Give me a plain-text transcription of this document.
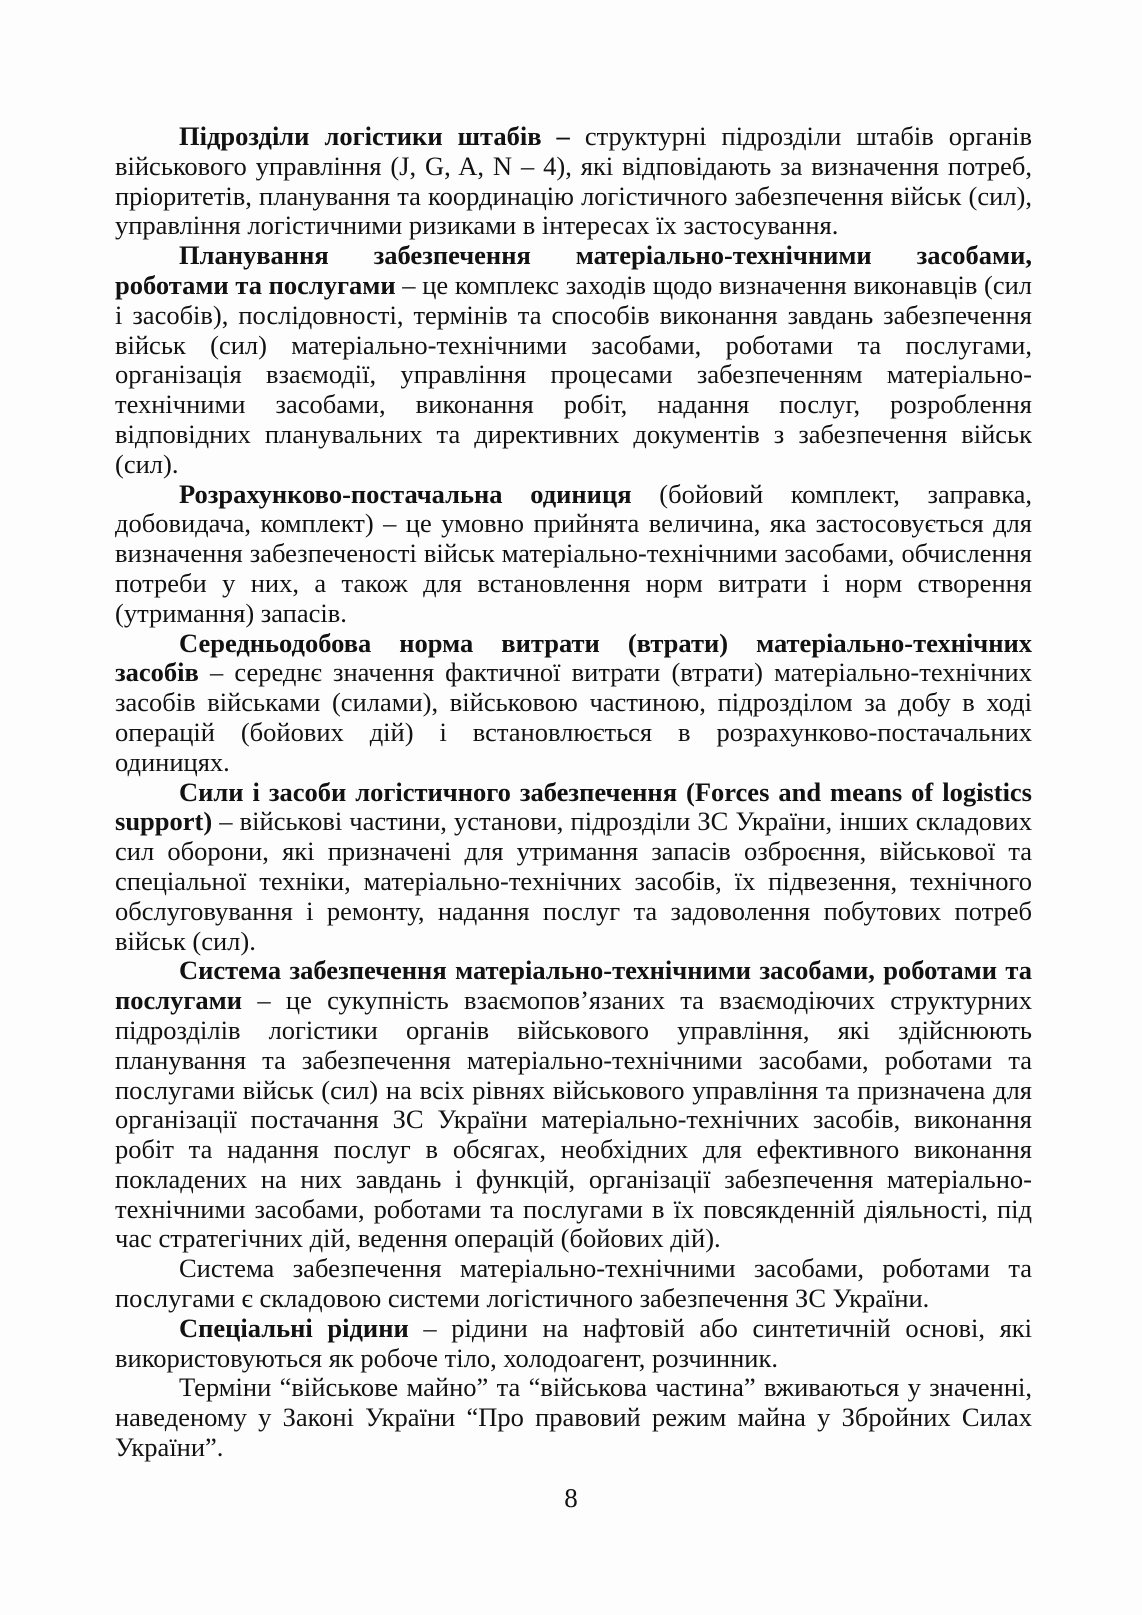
Підрозділи логістики штабів – структурні підрозділи штабів органів військового управління (J, G, A, N – 4), які відповідають за визначення потреб, пріоритетів, планування та координацію логістичного забезпечення військ (сил), управління логістичними ризиками в інтересах їх застосування.

Планування забезпечення матеріально-технічними засобами, роботами та послугами – це комплекс заходів щодо визначення виконавців (сил і засобів), послідовності, термінів та способів виконання завдань забезпечення військ (сил) матеріально-технічними засобами, роботами та послугами, організація взаємодії, управління процесами забезпеченням матеріально-технічними засобами, виконання робіт, надання послуг, розроблення відповідних планувальних та директивних документів з забезпечення військ (сил).

Розрахунково-постачальна одиниця (бойовий комплект, заправка, добовидача, комплект) – це умовно прийнята величина, яка застосовується для визначення забезпеченості військ матеріально-технічними засобами, обчислення потреби у них, а також для встановлення норм витрати і норм створення (утримання) запасів.

Середньодобова норма витрати (втрати) матеріально-технічних засобів – середнє значення фактичної витрати (втрати) матеріально-технічних засобів військами (силами), військовою частиною, підрозділом за добу в ході операцій (бойових дій) і встановлюється в розрахунково-постачальних одиницях.

Сили і засоби логістичного забезпечення (Forces and means of logistics support) – військові частини, установи, підрозділи ЗС України, інших складових сил оборони, які призначені для утримання запасів озброєння, військової та спеціальної техніки, матеріально-технічних засобів, їх підвезення, технічного обслуговування і ремонту, надання послуг та задоволення побутових потреб військ (сил).

Система забезпечення матеріально-технічними засобами, роботами та послугами – це сукупність взаємопов’язаних та взаємодіючих структурних підрозділів логістики органів військового управління, які здійснюють планування та забезпечення матеріально-технічними засобами, роботами та послугами військ (сил) на всіх рівнях військового управління та призначена для організації постачання ЗС України матеріально-технічних засобів, виконання робіт та надання послуг в обсягах, необхідних для ефективного виконання покладених на них завдань і функцій, організації забезпечення матеріально-технічними засобами, роботами та послугами в їх повсякденній діяльності, під час стратегічних дій, ведення операцій (бойових дій).

Система забезпечення матеріально-технічними засобами, роботами та послугами є складовою системи логістичного забезпечення ЗС України.

Спеціальні рідини – рідини на нафтовій або синтетичній основі, які використовуються як робоче тіло, холодоагент, розчинник.

Терміни “військове майно” та “військова частина” вживаються у значенні, наведеному у Законі України “Про правовий режим майна у Збройних Силах України”.

8
